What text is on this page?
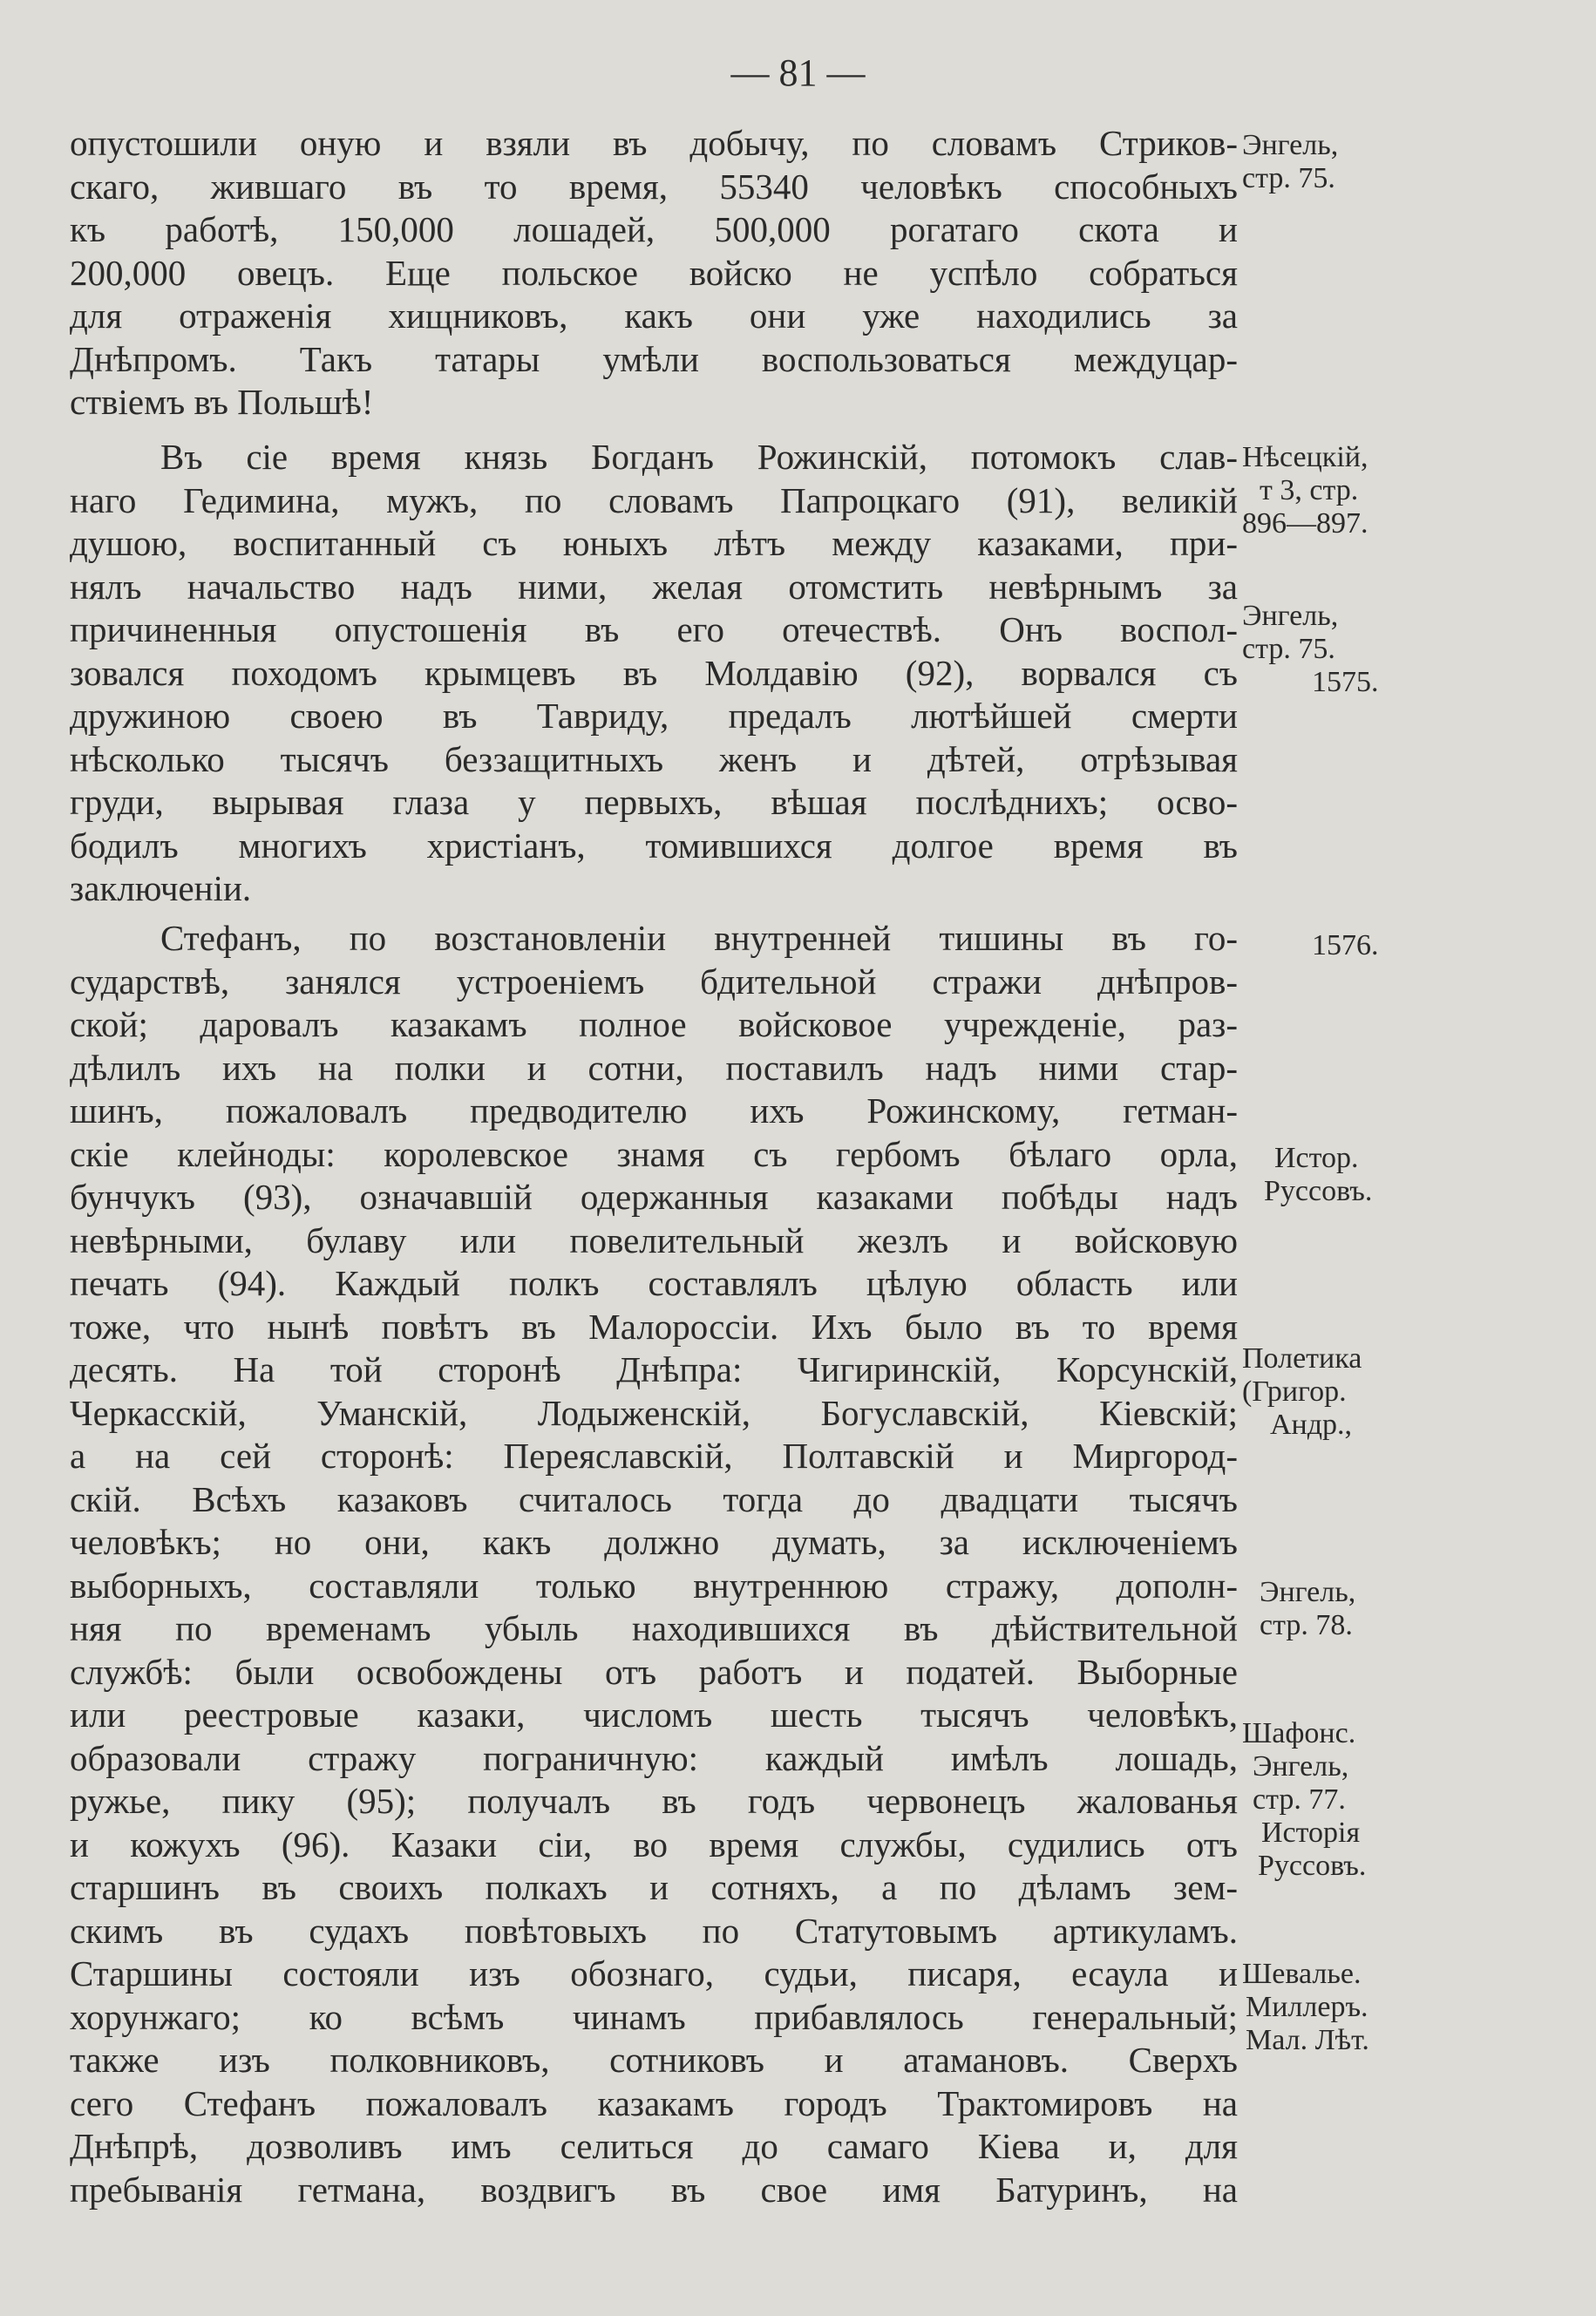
— 81 —
опустошили оную и взяли въ добычу, по словамъ Стриков-
скаго, жившаго въ то время, 55340 человѣкъ способныхъ
къ работѣ, 150,000 лошадей, 500,000 рогатаго скота и
200,000 овецъ. Еще польское войско не успѣло собраться
для отраженія хищниковъ, какъ они уже находились за
Днѣпромъ. Такъ татары умѣли воспользоваться междуцар-
ствіемъ въ Польшѣ!
Въ сіе время князь Богданъ Рожинскій, потомокъ слав-
наго Гедимина, мужъ, по словамъ Папроцкаго (91), великій
душою, воспитанный съ юныхъ лѣтъ между казаками, при-
нялъ начальство надъ ними, желая отомстить невѣрнымъ за
причиненныя опустошенія въ его отечествѣ. Онъ воспол-
зовался походомъ крымцевъ въ Молдавію (92), ворвался съ
дружиною своею въ Тавриду, предалъ лютѣйшей смерти
нѣсколько тысячъ беззащитныхъ женъ и дѣтей, отрѣзывая
груди, вырывая глаза у первыхъ, вѣшая послѣднихъ; осво-
бодилъ многихъ христіанъ, томившихся долгое время въ
заключеніи.
Стефанъ, по возстановленіи внутренней тишины въ го-
сударствѣ, занялся устроеніемъ бдительной стражи днѣпров-
ской; даровалъ казакамъ полное войсковое учрежденіе, раз-
дѣлилъ ихъ на полки и сотни, поставилъ надъ ними стар-
шинъ, пожаловалъ предводителю ихъ Рожинскому, гетман-
скіе клейноды: королевское знамя съ гербомъ бѣлаго орла,
бунчукъ (93), означавшій одержанныя казаками побѣды надъ
невѣрными, булаву или повелительный жезлъ и войсковую
печать (94). Каждый полкъ составлялъ цѣлую область или
тоже, что нынѣ повѣтъ въ Малороссіи. Ихъ было въ то время
десять. На той сторонѣ Днѣпра: Чигиринскій, Корсунскій,
Черкасскій, Уманскій, Лодыженскій, Богуславскій, Кіевскій;
а на сей сторонѣ: Переяславскій, Полтавскій и Миргород-
скій. Всѣхъ казаковъ считалось тогда до двадцати тысячъ
человѣкъ; но они, какъ должно думать, за исключеніемъ
выборныхъ, составляли только внутреннюю стражу, дополн-
няя по временамъ убыль находившихся въ дѣйствительной
службѣ: были освобождены отъ работъ и податей. Выборные
или реестровые казаки, числомъ шесть тысячъ человѣкъ,
образовали стражу пограничную: каждый имѣлъ лошадь,
ружье, пику (95); получалъ въ годъ червонецъ жалованья
и кожухъ (96). Казаки сіи, во время службы, судились отъ
старшинъ въ своихъ полкахъ и сотняхъ, а по дѣламъ зем-
скимъ въ судахъ повѣтовыхъ по Статутовымъ артикуламъ.
Старшины состояли изъ обознаго, судьи, писаря, есаула и
хорунжаго; ко всѣмъ чинамъ прибавлялось генеральный;
также изъ полковниковъ, сотниковъ и атамановъ. Сверхъ
сего Стефанъ пожаловалъ казакамъ городъ Трактомировъ на
Днѣпрѣ, дозволивъ имъ селиться до самаго Кіева и, для
пребыванія гетмана, воздвигъ въ свое имя Батуринъ, на
Энгель,
стр. 75.
Нѣсецкій,
т 3, стр.
896—897.
Энгель,
стр. 75.
1575.
1576.
Истор.
Руссовъ.
Полетика
(Григор.
Андр.,
Энгель,
стр. 78.
Шафонс.
Энгель,
стр. 77.
Исторія
Руссовъ.
Шевалье.
Миллеръ.
Мал. Лѣт.
